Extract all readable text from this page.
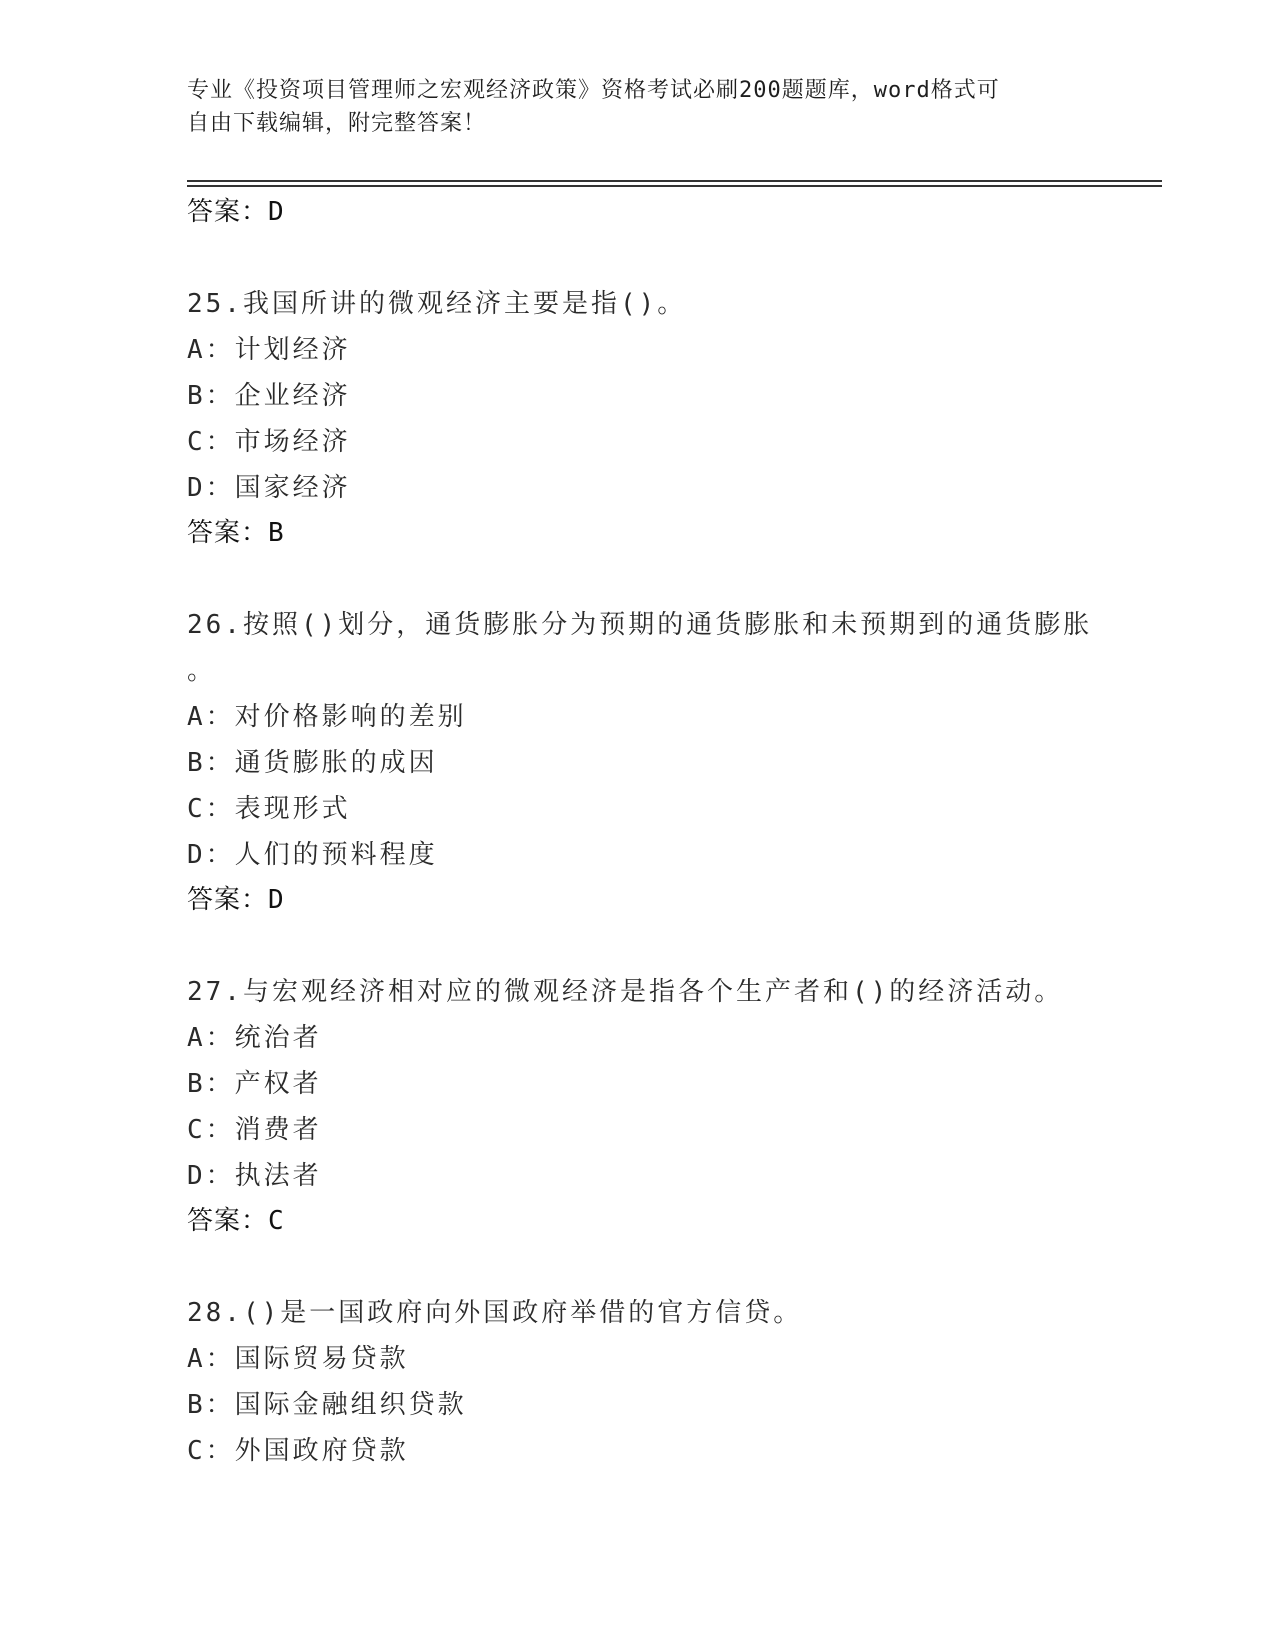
专业《投资项目管理师之宏观经济政策》资格考试必刷200题题库，word格式可
自由下载编辑，附完整答案！
答案：D
25.我国所讲的微观经济主要是指()。
A：计划经济
B：企业经济
C：市场经济
D：国家经济
答案：B
26.按照()划分，通货膨胀分为预期的通货膨胀和未预期到的通货膨胀
。
A：对价格影响的差别
B：通货膨胀的成因
C：表现形式
D：人们的预料程度
答案：D
27.与宏观经济相对应的微观经济是指各个生产者和()的经济活动。
A：统治者
B：产权者
C：消费者
D：执法者
答案：C
28.()是一国政府向外国政府举借的官方信贷。
A：国际贸易贷款
B：国际金融组织贷款
C：外国政府贷款
